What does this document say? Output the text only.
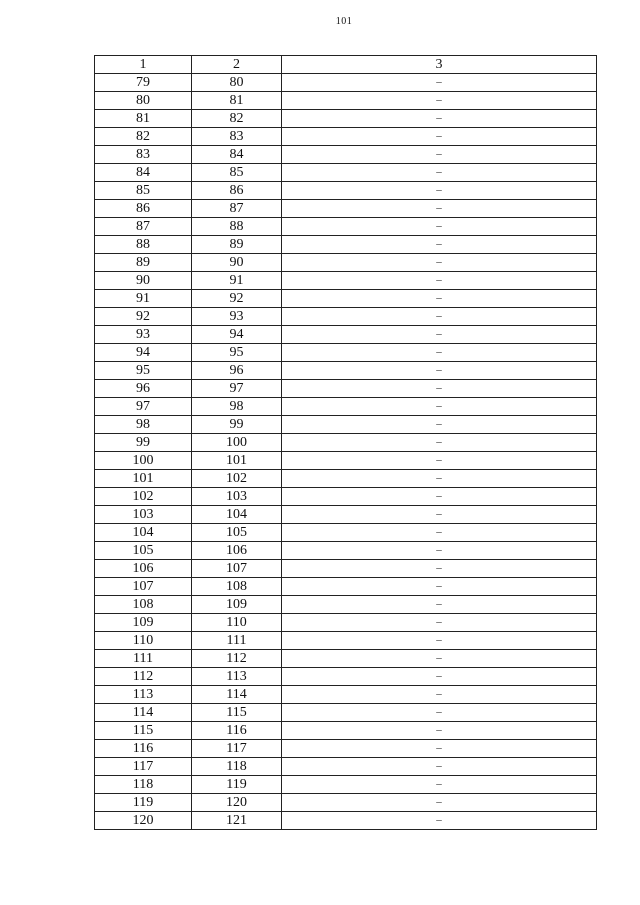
101
1	2	3
79	80	–
80	81	–
81	82	–
82	83	–
83	84	–
84	85	–
85	86	–
86	87	–
87	88	–
88	89	–
89	90	–
90	91	–
91	92	–
92	93	–
93	94	–
94	95	–
95	96	–
96	97	–
97	98	–
98	99	–
99	100	–
100	101	–
101	102	–
102	103	–
103	104	–
104	105	–
105	106	–
106	107	–
107	108	–
108	109	–
109	110	–
110	111	–
111	112	–
112	113	–
113	114	–
114	115	–
115	116	–
116	117	–
117	118	–
118	119	–
119	120	–
120	121	–
